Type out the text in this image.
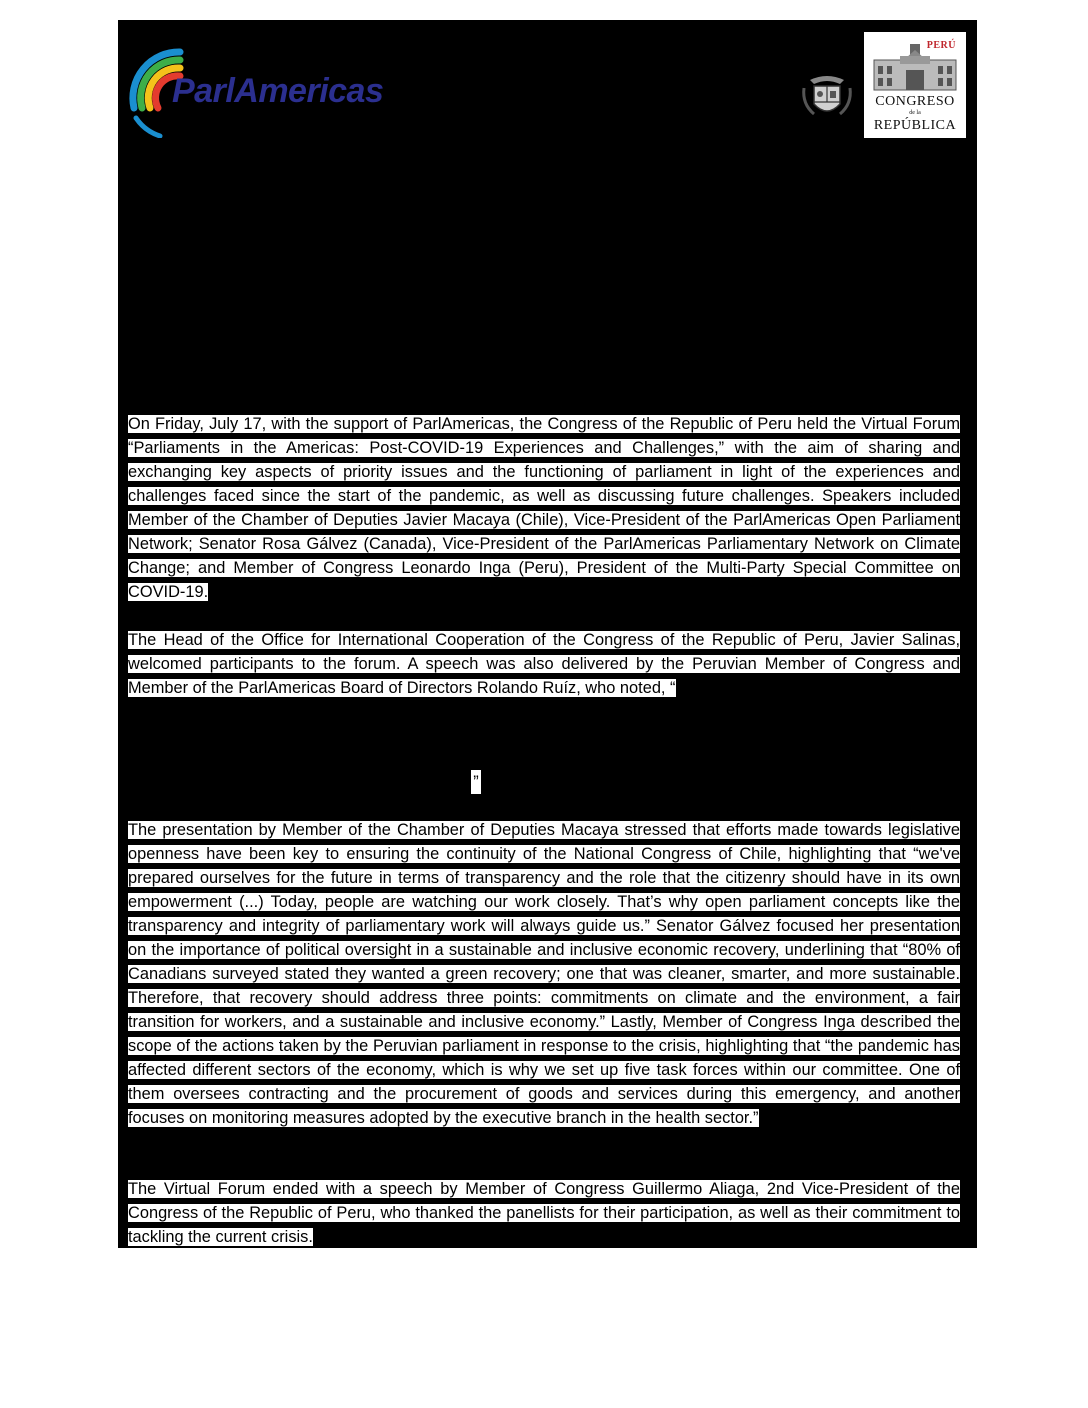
ParlAmericas
PERÚ
CONGRESO
de la
REPÚBLICA
On Friday, July 17, with the support of ParlAmericas, the Congress of the Republic of Peru held the Virtual Forum “Parliaments in the Americas: Post-COVID-19 Experiences and Challenges,” with the aim of sharing and exchanging key aspects of priority issues and the functioning of parliament in light of the experiences and challenges faced since the start of the pandemic, as well as discussing future challenges. Speakers included Member of the Chamber of Deputies Javier Macaya (Chile), Vice-President of the ParlAmericas Open Parliament Network; Senator Rosa Gálvez (Canada), Vice-President of the ParlAmericas Parliamentary Network on Climate Change; and Member of Congress Leonardo Inga (Peru), President of the Multi-Party Special Committee on COVID-19.
The Head of the Office for International Cooperation of the Congress of the Republic of Peru, Javier Salinas, welcomed participants to the forum. A speech was also delivered by the Peruvian Member of Congress and Member of the ParlAmericas Board of Directors Rolando Ruíz, who noted, “
”
The presentation by Member of the Chamber of Deputies Macaya stressed that efforts made towards legislative openness have been key to ensuring the continuity of the National Congress of Chile, highlighting that “we've prepared ourselves for the future in terms of transparency and the role that the citizenry should have in its own empowerment (...) Today, people are watching our work closely. That’s why open parliament concepts like the transparency and integrity of parliamentary work will always guide us.” Senator Gálvez focused her presentation on the importance of political oversight in a sustainable and inclusive economic recovery, underlining that “80% of Canadians surveyed stated they wanted a green recovery; one that was cleaner, smarter, and more sustainable. Therefore, that recovery should address three points: commitments on climate and the environment, a fair transition for workers, and a sustainable and inclusive economy.” Lastly, Member of Congress Inga described the scope of the actions taken by the Peruvian parliament in response to the crisis, highlighting that “the pandemic has affected different sectors of the economy, which is why we set up five task forces within our committee. One of them oversees contracting and the procurement of goods and services during this emergency, and another focuses on monitoring measures adopted by the executive branch in the health sector.”
The Virtual Forum ended with a speech by Member of Congress Guillermo Aliaga, 2nd Vice-President of the Congress of the Republic of Peru, who thanked the panellists for their participation, as well as their commitment to tackling the current crisis.
